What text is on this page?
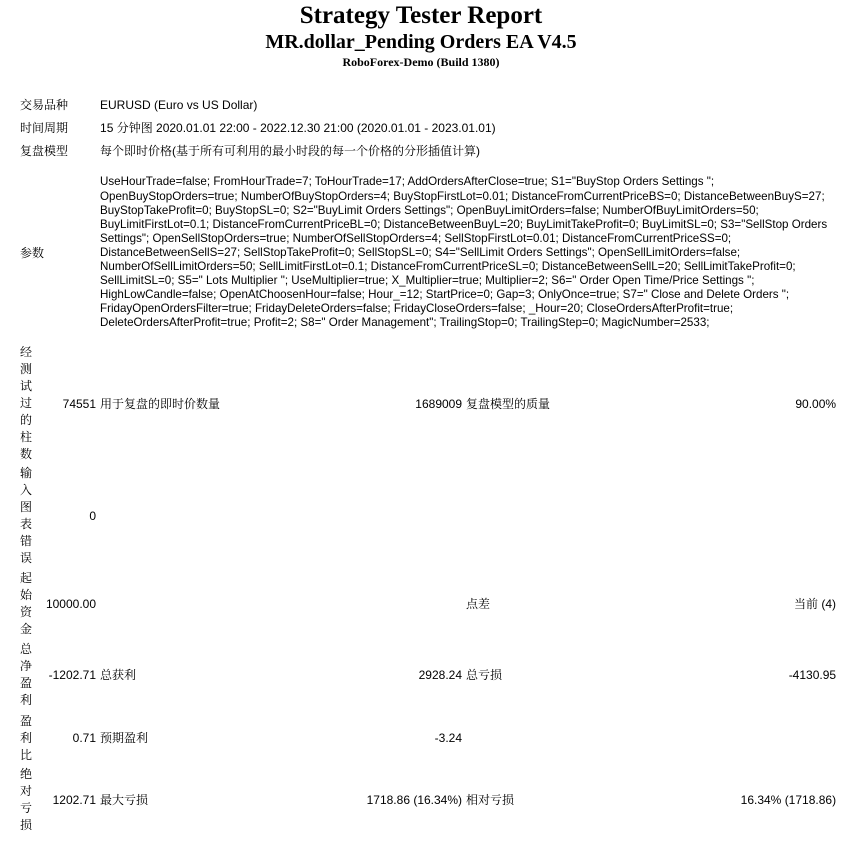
Strategy Tester Report
MR.dollar_Pending Orders EA V4.5
RoboForex-Demo (Build 1380)
交易品种		EURUSD (Euro vs US Dollar)			
时间周期		15 分钟图 2020.01.01 22:00 - 2022.12.30 21:00 (2020.01.01 - 2023.01.01)			
复盘模型		每个即时价格(基于所有可利用的最小时段的每一个价格的分形插值计算)			
参数		UseHourTrade=false; FromHourTrade=7; ToHourTrade=17; AddOrdersAfterClose=true; S1="BuyStop Orders Settings "; OpenBuyStopOrders=true; NumberOfBuyStopOrders=4; BuyStopFirstLot=0.01; DistanceFromCurrentPriceBS=0; DistanceBetweenBuyS=27; BuyStopTakeProfit=0; BuyStopSL=0; S2="BuyLimit Orders Settings"; OpenBuyLimitOrders=false; NumberOfBuyLimitOrders=50; BuyLimitFirstLot=0.1; DistanceFromCurrentPriceBL=0; DistanceBetweenBuyL=20; BuyLimitTakeProfit=0; BuyLimitSL=0; S3="SellStop Orders Settings"; OpenSellStopOrders=true; NumberOfSellStopOrders=4; SellStopFirstLot=0.01; DistanceFromCurrentPriceSS=0; DistanceBetweenSellS=27; SellStopTakeProfit=0; SellStopSL=0; S4="SellLimit Orders Settings"; OpenSellLimitOrders=false; NumberOfSellLimitOrders=50; SellLimitFirstLot=0.1; DistanceFromCurrentPriceSL=0; DistanceBetweenSellL=20; SellLimitTakeProfit=0; SellLimitSL=0; S5=" Lots Multiplier "; UseMultiplier=true; X_Multiplier=true; Multiplier=2; S6=" Order Open Time/Price Settings "; HighLowCandle=false; OpenAtChoosenHour=false; Hour_=12; StartPrice=0; Gap=3; OnlyOnce=true; S7=" Close and Delete Orders "; FridayOpenOrdersFilter=true; FridayDeleteOrders=false; FridayCloseOrders=false; _Hour=20; CloseOrdersAfterProfit=true; DeleteOrdersAfterProfit=true; Profit=2; S8=" Order Management"; TrailingStop=0; TrailingStep=0; MagicNumber=2533;			
经测试过的柱数	74551	用于复盘的即时价数量	1689009	复盘模型的质量	90.00%
输入图表错误	0				
起始资金	10000.00			点差	当前 (4)
总净盈利	-1202.71	总获利	2928.24	总亏损	-4130.95
盈利比	0.71	预期盈利	-3.24		
绝对亏损	1202.71	最大亏损	1718.86 (16.34%)	相对亏损	16.34% (1718.86)
